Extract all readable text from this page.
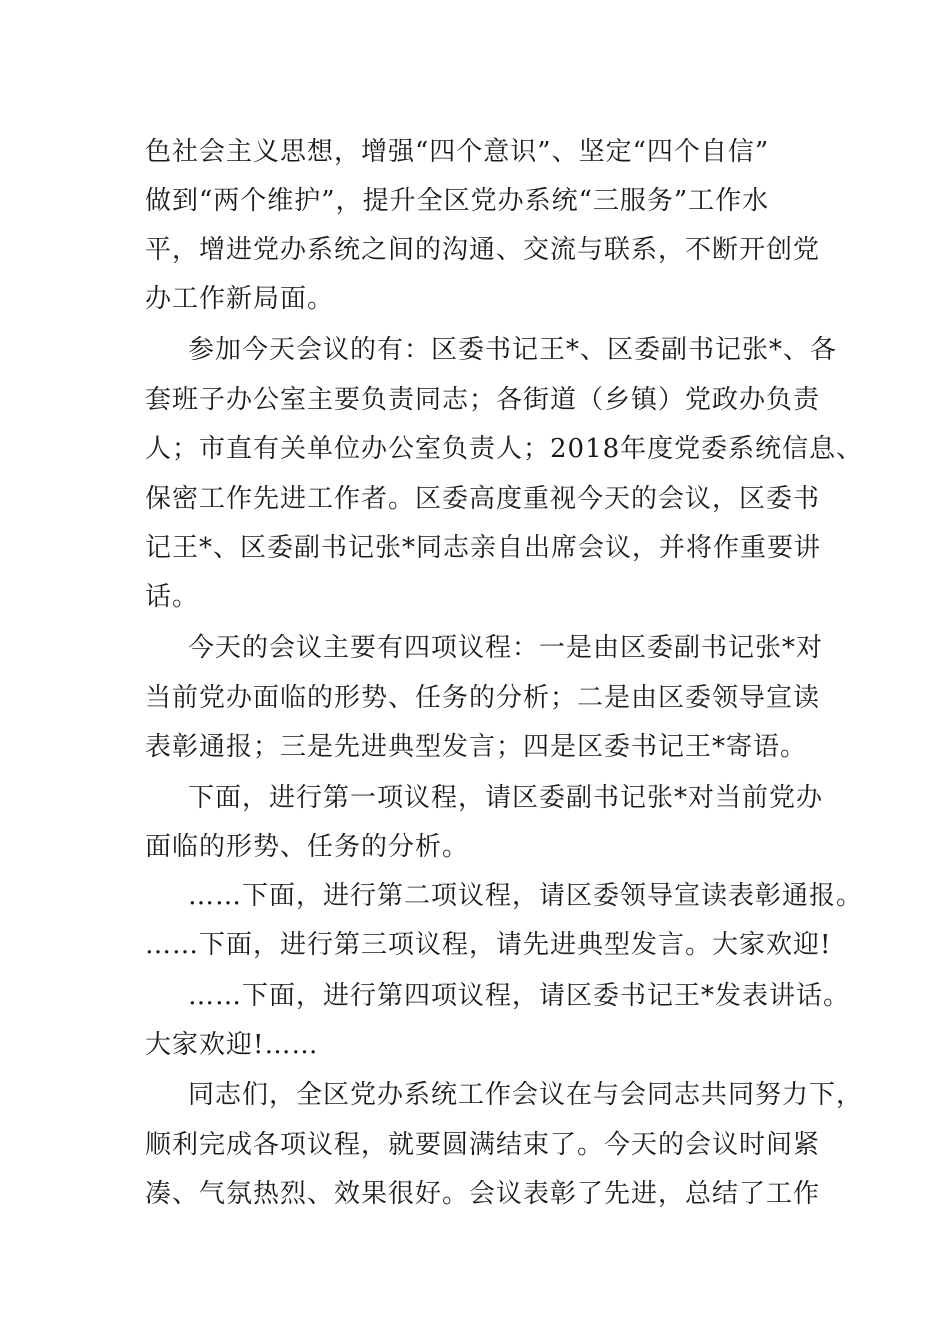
色社会主义思想，增强“四个意识”、坚定“四个自信”
做到“两个维护”，提升全区党办系统“三服务”工作水
平，增进党办系统之间的沟通、交流与联系，不断开创党
办工作新局面。
参加今天会议的有：区委书记王*、区委副书记张*、各
套班子办公室主要负责同志；各街道（乡镇）党政办负责
人；市直有关单位办公室负责人；2018年度党委系统信息、
保密工作先进工作者。区委高度重视今天的会议，区委书
记王*、区委副书记张*同志亲自出席会议，并将作重要讲
话。
今天的会议主要有四项议程：一是由区委副书记张*对
当前党办面临的形势、任务的分析；二是由区委领导宣读
表彰通报；三是先进典型发言；四是区委书记王*寄语。
下面，进行第一项议程，请区委副书记张*对当前党办
面临的形势、任务的分析。
……下面，进行第二项议程，请区委领导宣读表彰通报。
……下面，进行第三项议程，请先进典型发言。大家欢迎!
……下面，进行第四项议程，请区委书记王*发表讲话。
大家欢迎!……
同志们，全区党办系统工作会议在与会同志共同努力下，
顺利完成各项议程，就要圆满结束了。今天的会议时间紧
凑、气氛热烈、效果很好。会议表彰了先进，总结了工作
